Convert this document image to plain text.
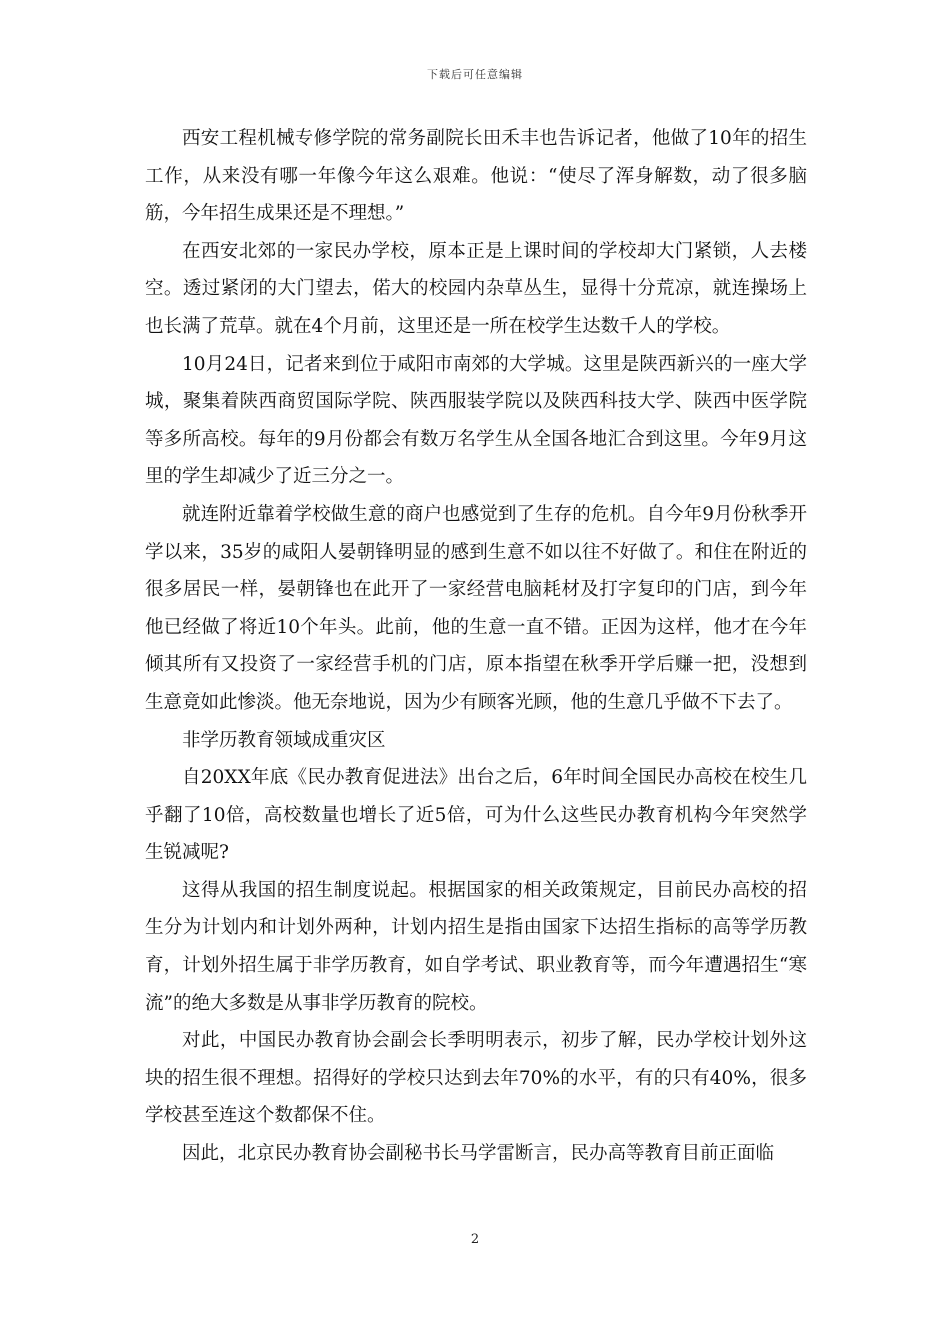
下载后可任意编辑

西安工程机械专修学院的常务副院长田禾丰也告诉记者，他做了10年的招生工作，从来没有哪一年像今年这么艰难。他说：“使尽了浑身解数，动了很多脑筋，今年招生成果还是不理想。”

在西安北郊的一家民办学校，原本正是上课时间的学校却大门紧锁，人去楼空。透过紧闭的大门望去，偌大的校园内杂草丛生，显得十分荒凉，就连操场上也长满了荒草。就在4个月前，这里还是一所在校学生达数千人的学校。

10月24日，记者来到位于咸阳市南郊的大学城。这里是陕西新兴的一座大学城，聚集着陕西商贸国际学院、陕西服装学院以及陕西科技大学、陕西中医学院等多所高校。每年的9月份都会有数万名学生从全国各地汇合到这里。今年9月这里的学生却减少了近三分之一。

就连附近靠着学校做生意的商户也感觉到了生存的危机。自今年9月份秋季开学以来，35岁的咸阳人晏朝锋明显的感到生意不如以往不好做了。和住在附近的很多居民一样，晏朝锋也在此开了一家经营电脑耗材及打字复印的门店，到今年他已经做了将近10个年头。此前，他的生意一直不错。正因为这样，他才在今年倾其所有又投资了一家经营手机的门店，原本指望在秋季开学后赚一把，没想到生意竟如此惨淡。他无奈地说，因为少有顾客光顾，他的生意几乎做不下去了。

非学历教育领域成重灾区

自20XX年底《民办教育促进法》出台之后，6年时间全国民办高校在校生几乎翻了10倍，高校数量也增长了近5倍，可为什么这些民办教育机构今年突然学生锐减呢?

这得从我国的招生制度说起。根据国家的相关政策规定，目前民办高校的招生分为计划内和计划外两种，计划内招生是指由国家下达招生指标的高等学历教育，计划外招生属于非学历教育，如自学考试、职业教育等，而今年遭遇招生“寒流”的绝大多数是从事非学历教育的院校。

对此，中国民办教育协会副会长季明明表示，初步了解，民办学校计划外这块的招生很不理想。招得好的学校只达到去年70%的水平，有的只有40%，很多学校甚至连这个数都保不住。

因此，北京民办教育协会副秘书长马学雷断言，民办高等教育目前正面临

2
